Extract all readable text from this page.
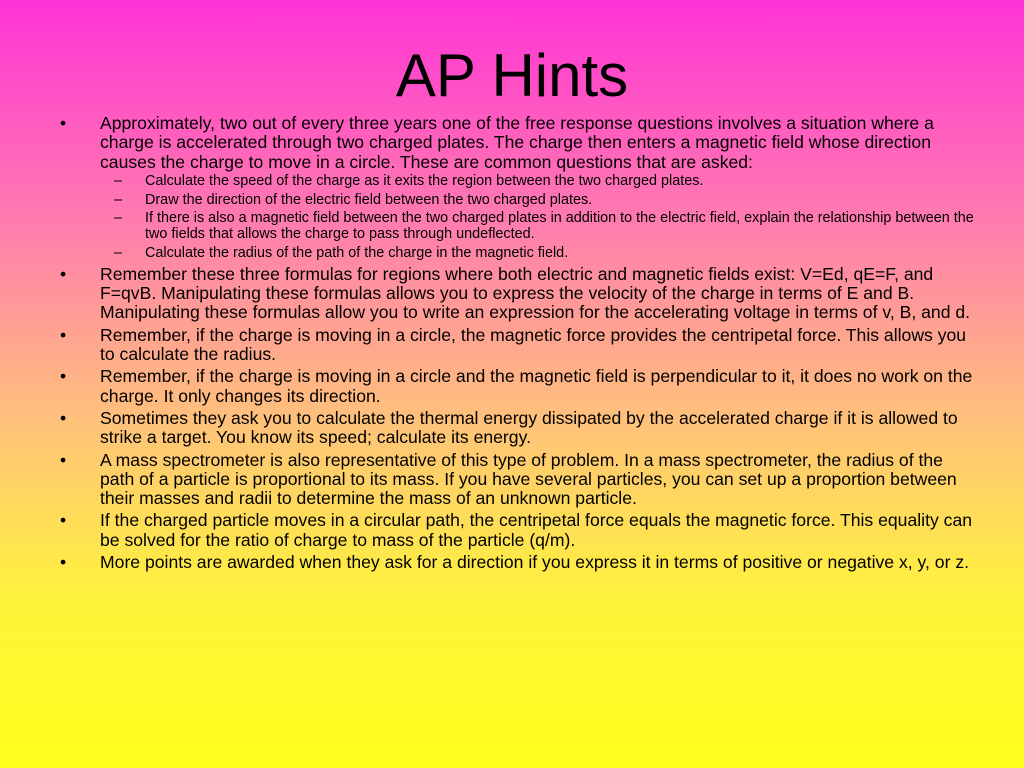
AP Hints
• Approximately, two out of every three years one of the free response questions involves a situation where a charge is accelerated through two charged plates. The charge then enters a magnetic field whose direction causes the charge to move in a circle. These are common questions that are asked:
– Calculate the speed of the charge as it exits the region between the two charged plates.
– Draw the direction of the electric field between the two charged plates.
– If there is also a magnetic field between the two charged plates in addition to the electric field, explain the relationship between the two fields that allows the charge to pass through undeflected.
– Calculate the radius of the path of the charge in the magnetic field.
• Remember these three formulas for regions where both electric and magnetic fields exist: V=Ed, qE=F, and F=qvB. Manipulating these formulas allows you to express the velocity of the charge in terms of E and B. Manipulating these formulas allow you to write an expression for the accelerating voltage in terms of v, B, and d.
• Remember, if the charge is moving in a circle, the magnetic force provides the centripetal force. This allows you to calculate the radius.
• Remember, if the charge is moving in a circle and the magnetic field is perpendicular to it, it does no work on the charge. It only changes its direction.
• Sometimes they ask you to calculate the thermal energy dissipated by the accelerated charge if it is allowed to strike a target. You know its speed; calculate its energy.
• A mass spectrometer is also representative of this type of problem. In a mass spectrometer, the radius of the path of a particle is proportional to its mass. If you have several particles, you can set up a proportion between their masses and radii to determine the mass of an unknown particle.
• If the charged particle moves in a circular path, the centripetal force equals the magnetic force. This equality can be solved for the ratio of charge to mass of the particle (q/m).
• More points are awarded when they ask for a direction if you express it in terms of positive or negative x, y, or z.
